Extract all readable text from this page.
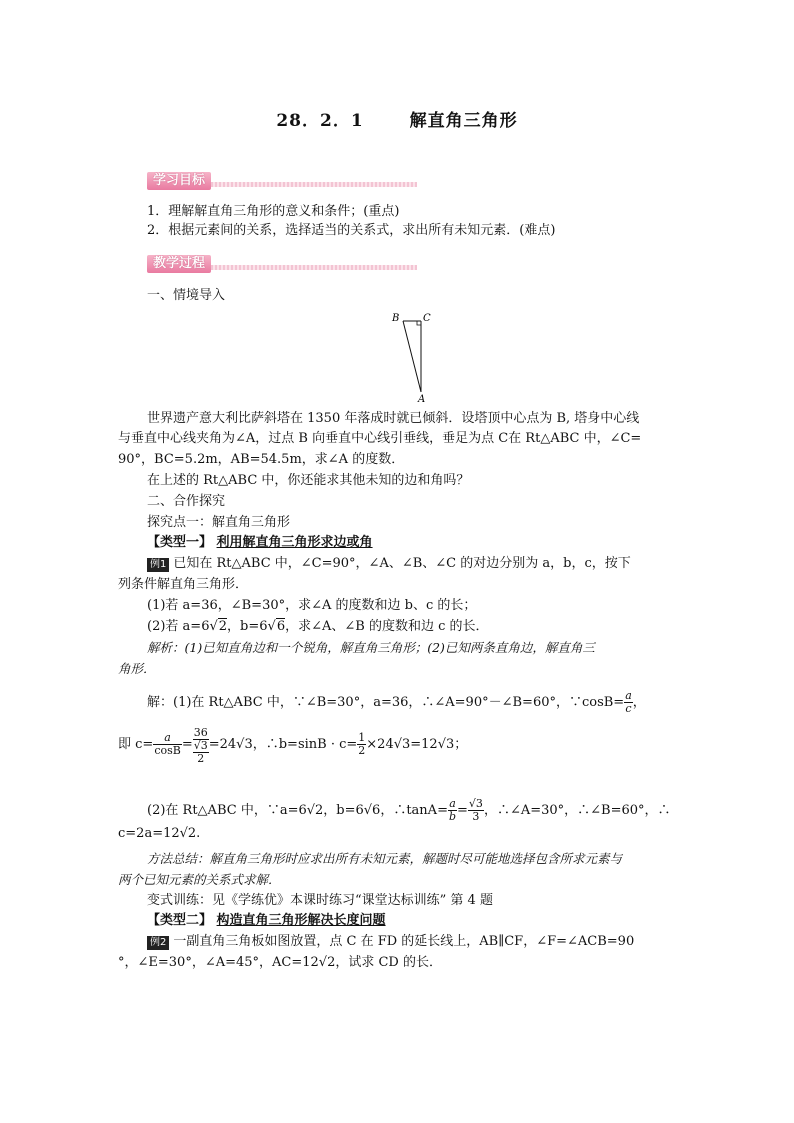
28．2．1	解直角三角形
学习目标
1．理解解直角三角形的意义和条件；(重点)
2．根据元素间的关系，选择适当的关系式，求出所有未知元素．(难点)
教学过程
一、情境导入
B C
A
世界遗产意大利比萨斜塔在 1350 年落成时就已倾斜．设塔顶中心点为 B, 塔身中心线
与垂直中心线夹角为∠A，过点 B 向垂直中心线引垂线，垂足为点 C在 Rt△ABC 中，∠C=
90°，BC=5.2m，AB=54.5m，求∠A 的度数．
在上述的 Rt△ABC 中，你还能求其他未知的边和角吗？
二、合作探究
探究点一：解直角三角形
【类型一】 利用解直角三角形求边或角
例1 已知在 Rt△ABC 中，∠C=90°，∠A、∠B、∠C 的对边分别为 a，b，c，按下
列条件解直角三角形．
(1)若 a=36，∠B=30°，求∠A 的度数和边 b、c 的长；
(2)若 a=6√2，b=6√6，求∠A、∠B 的度数和边 c 的长．
解析：(1)已知直角边和一个锐角，解直角三角形；(2)已知两条直角边，解直角三
角形．
解：(1)在 Rt△ABC 中，∵∠B=30°，a=36，∴∠A=90°－∠B=60°，∵cosB= $\frac{a}{c}$ ，
即 $c= \frac{a}{\cos B}$ =
36
√3
2
=24√3，∴b=sinB · $c= \frac{1}{2} \times 24√3=12√3$；
(2)在 Rt△ABC 中，∵a=6√2，b=6√6，∴tanA= $\frac{a}{b} = \frac{√3}{3}$ ，∴∠A=30°，∴∠B=60°，∴
c=2a=12√2.
方法总结：解直角三角形时应求出所有未知元素，解题时尽可能地选择包含所求元素与
两个已知元素的关系式求解．
变式训练：见《学练优》本课时练习“课堂达标训练” 第 4 题
【类型二】 构造直角三角形解决长度问题
例2 一副直角三角板如图放置，点 C 在 FD 的延长线上，AB∥CF，∠F=∠ACB=90
°，∠E=30°，∠A=45°，AC=12√2，试求 CD 的长．
